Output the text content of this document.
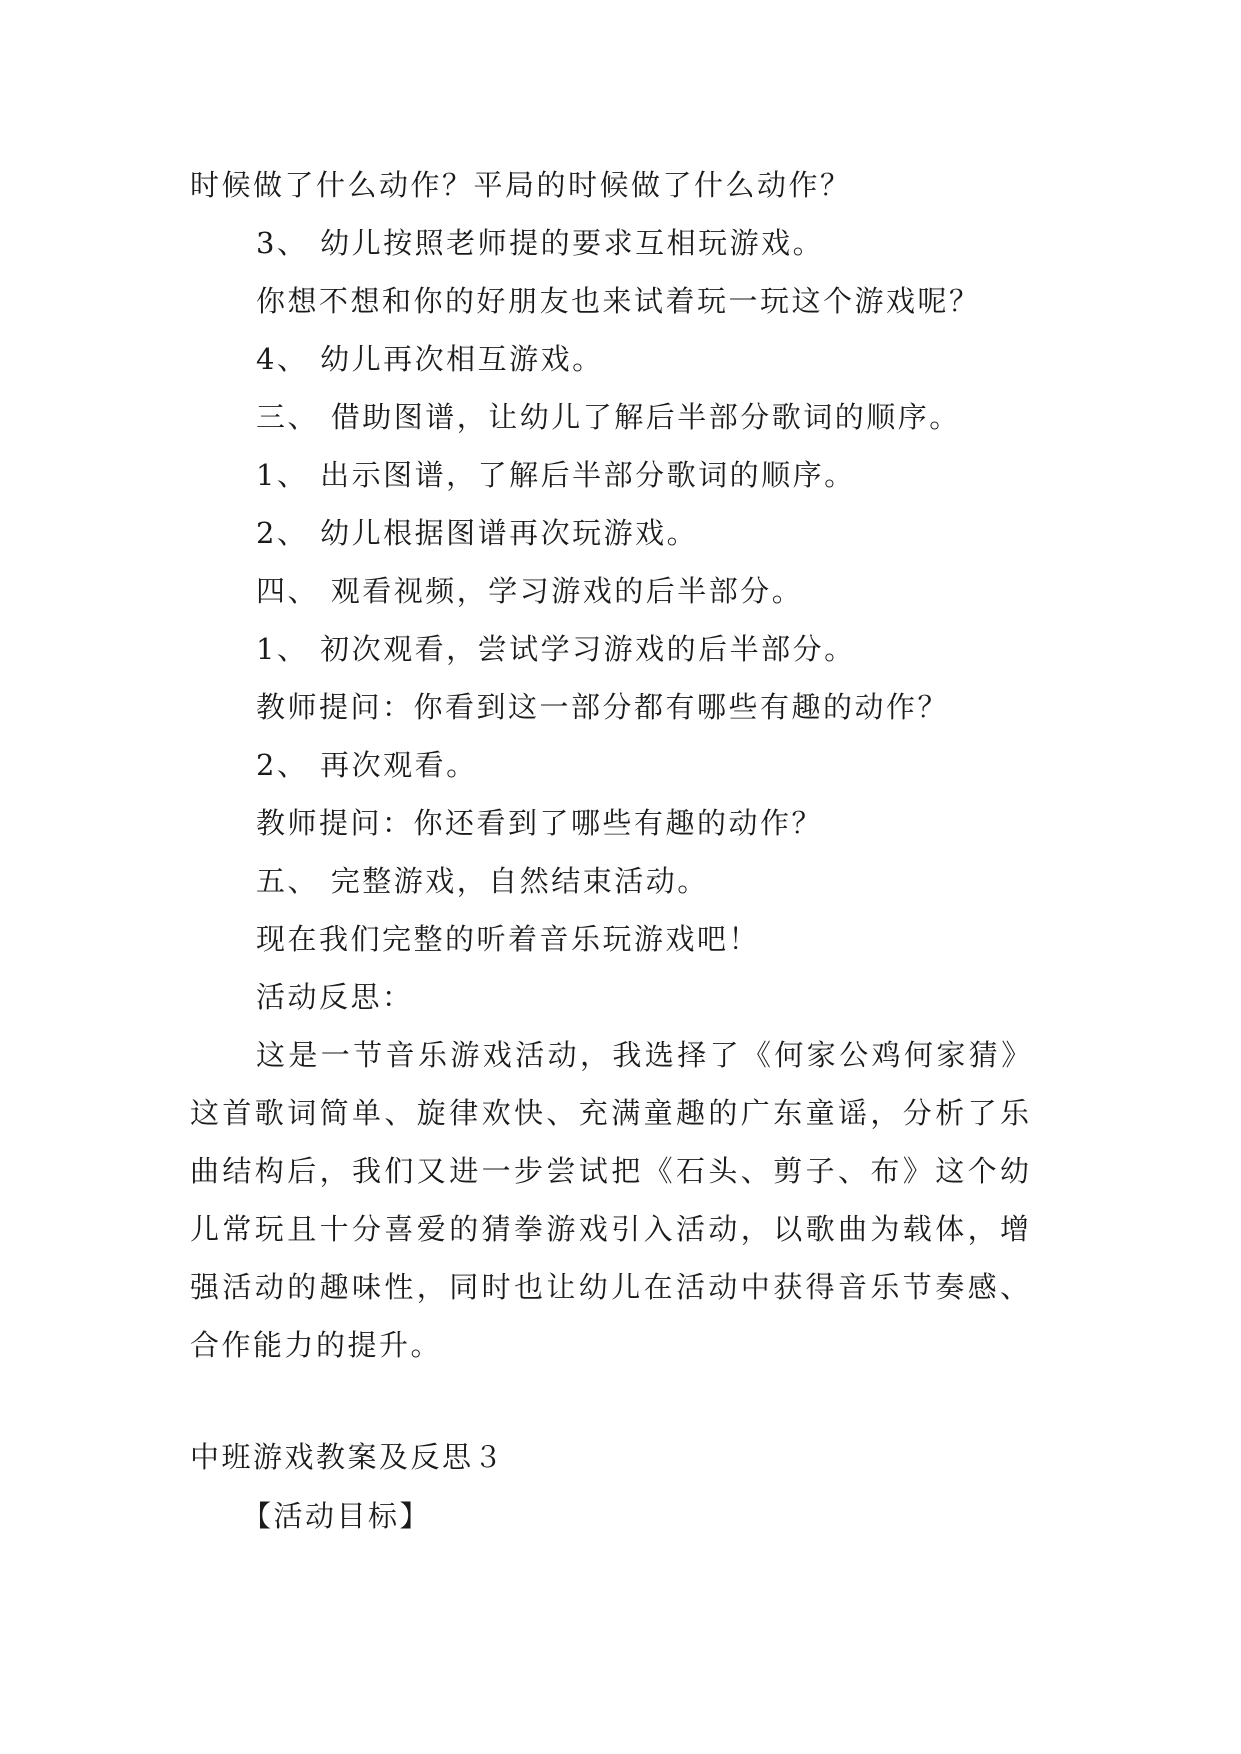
时候做了什么动作？平局的时候做了什么动作？
3、 幼儿按照老师提的要求互相玩游戏。
你想不想和你的好朋友也来试着玩一玩这个游戏呢？
4、 幼儿再次相互游戏。
三、 借助图谱，让幼儿了解后半部分歌词的顺序。
1、 出示图谱，了解后半部分歌词的顺序。
2、 幼儿根据图谱再次玩游戏。
四、 观看视频，学习游戏的后半部分。
1、 初次观看，尝试学习游戏的后半部分。
教师提问：你看到这一部分都有哪些有趣的动作？
2、 再次观看。
教师提问：你还看到了哪些有趣的动作？
五、 完整游戏，自然结束活动。
现在我们完整的听着音乐玩游戏吧！
活动反思：
这是一节音乐游戏活动，我选择了《何家公鸡何家猜》
这首歌词简单、旋律欢快、充满童趣的广东童谣，分析了乐
曲结构后，我们又进一步尝试把《石头、剪子、布》这个幼
儿常玩且十分喜爱的猜拳游戏引入活动，以歌曲为载体，增
强活动的趣味性，同时也让幼儿在活动中获得音乐节奏感、
合作能力的提升。
中班游戏教案及反思３
【活动目标】
